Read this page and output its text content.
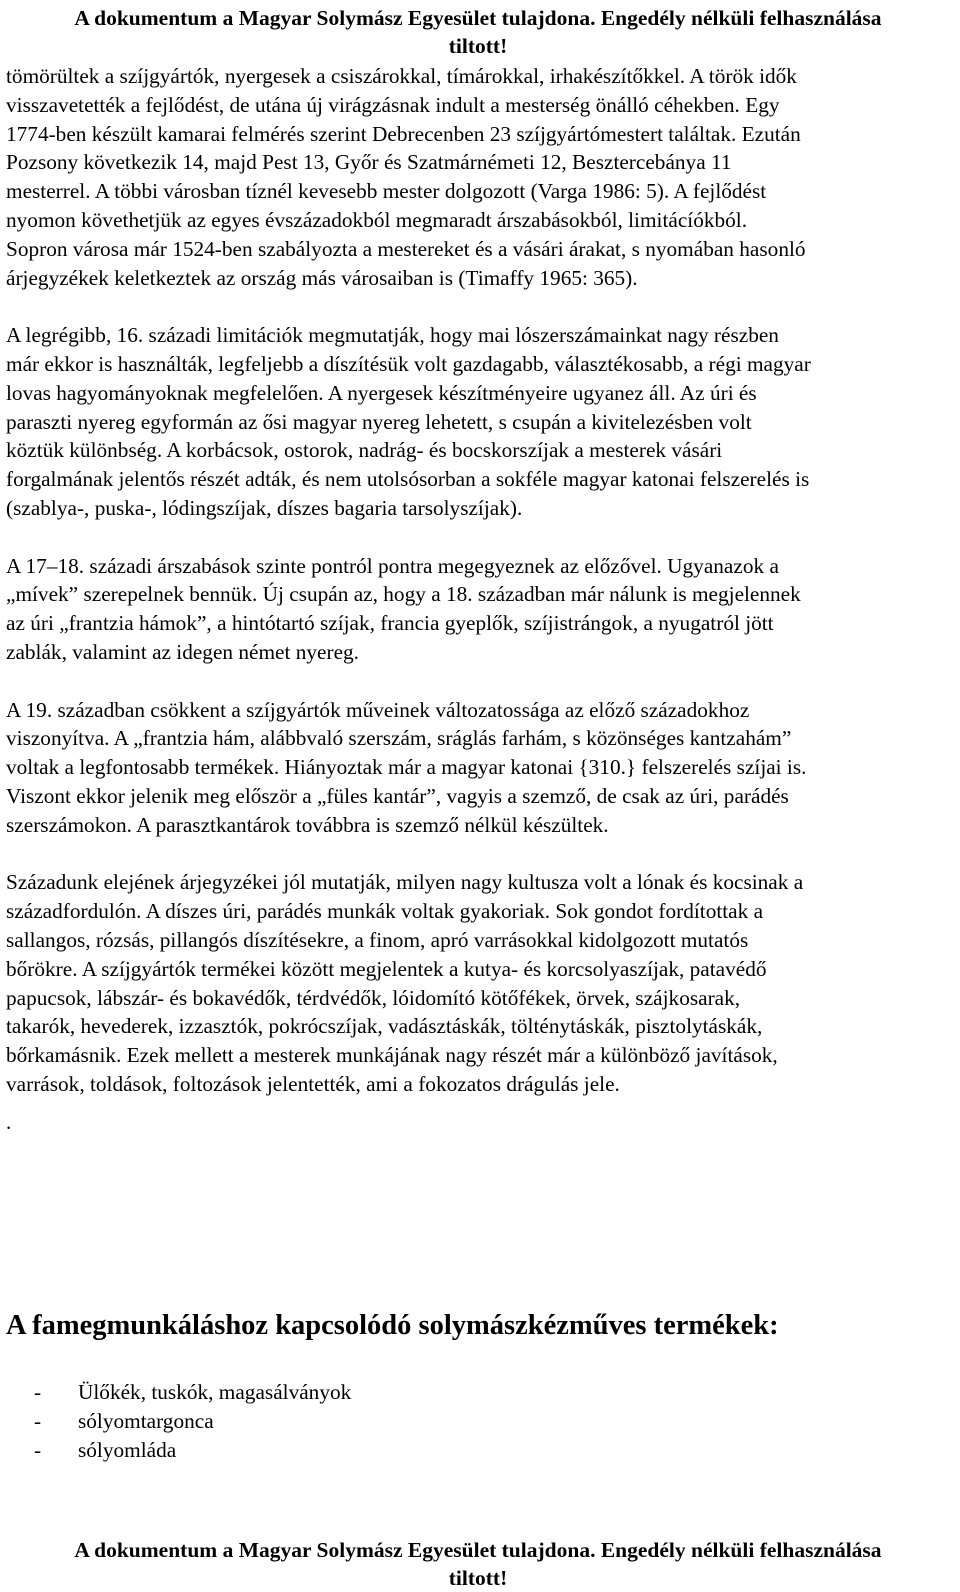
A dokumentum a Magyar Solymász Egyesület tulajdona. Engedély nélküli felhasználása

tiltott!

tömörültek a szíjgyártók, nyergesek a csiszárokkal, tímárokkal, irhakészítőkkel. A török idők
visszavetették a fejlődést, de utána új virágzásnak indult a mesterség önálló céhekben. Egy
1774-ben készült kamarai felmérés szerint Debrecenben 23 szíjgyártómestert találtak. Ezután
Pozsony következik 14, majd Pest 13, Győr és Szatmárnémeti 12, Besztercebánya 11
mesterrel. A többi városban tíznél kevesebb mester dolgozott (Varga 1986: 5). A fejlődést
nyomon követhetjük az egyes évszázadokból megmaradt árszabásokból, limitácíókból.
Sopron városa már 1524-ben szabályozta a mestereket és a vásári árakat, s nyomában hasonló
árjegyzékek keletkeztek az ország más városaiban is (Timaffy 1965: 365).

A legrégibb, 16. századi limitációk megmutatják, hogy mai lószerszámainkat nagy részben
már ekkor is használták, legfeljebb a díszítésük volt gazdagabb, választékosabb, a régi magyar
lovas hagyományoknak megfelelően. A nyergesek készítményeire ugyanez áll. Az úri és
paraszti nyereg egyformán az ősi magyar nyereg lehetett, s csupán a kivitelezésben volt
köztük különbség. A korbácsok, ostorok, nadrág- és bocskorszíjak a mesterek vásári
forgalmának jelentős részét adták, és nem utolsósorban a sokféle magyar katonai felszerelés is
(szablya-, puska-, lódingszíjak, díszes bagaria tarsolyszíjak).

A 17–18. századi árszabások szinte pontról pontra megegyeznek az előzővel. Ugyanazok a
„mívek” szerepelnek bennük. Új csupán az, hogy a 18. században már nálunk is megjelennek
az úri „frantzia hámok”, a hintótartó szíjak, francia gyeplők, szíjistrángok, a nyugatról jött
zablák, valamint az idegen német nyereg.

A 19. században csökkent a szíjgyártók műveinek változatossága az előző századokhoz
viszonyítva. A „frantzia hám, alábbvaló szerszám, sráglás farhám, s közönséges kantzahám”
voltak a legfontosabb termékek. Hiányoztak már a magyar katonai {310.} felszerelés szíjai is.
Viszont ekkor jelenik meg először a „füles kantár”, vagyis a szemző, de csak az úri, parádés
szerszámokon. A parasztkantárok továbbra is szemző nélkül készültek.

Századunk elejének árjegyzékei jól mutatják, milyen nagy kultusza volt a lónak és kocsinak a
századfordulón. A díszes úri, parádés munkák voltak gyakoriak. Sok gondot fordítottak a
sallangos, rózsás, pillangós díszítésekre, a finom, apró varrásokkal kidolgozott mutatós
bőrökre. A szíjgyártók termékei között megjelentek a kutya- és korcsolyaszíjak, patavédő
papucsok, lábszár- és bokavédők, térdvédők, lóidomító kötőfékek, örvek, szájkosarak,
takarók, hevederek, izzasztók, pokrócszíjak, vadásztáskák, tölténytáskák, pisztolytáskák,
bőrkamásnik. Ezek mellett a mesterek munkájának nagy részét már a különböző javítások,
varrások, toldások, foltozások jelentették, ami a fokozatos drágulás jele.

.
A famegmunkáláshoz kapcsolódó solymászkézműves termékek:
- Ülőkék, tuskók, magasálványok
- sólyomtargonca
- sólyomláda

A dokumentum a Magyar Solymász Egyesület tulajdona. Engedély nélküli felhasználása

tiltott!
